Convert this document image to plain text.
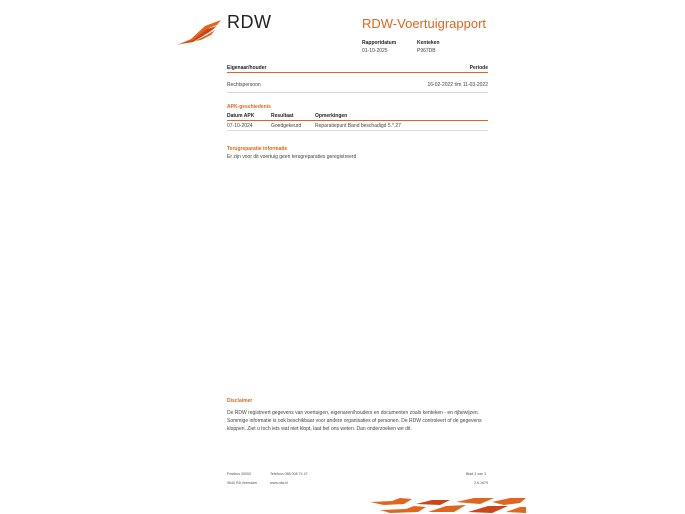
RDW	RDW-Voertuigrapport
Rapportdatum
01-10-2025
Kenteken
P967DB
Eigenaar/houder	Periode
Rechtspersoon	16-02-2022 t/m 11-03-2022
APK-geschiedenis
Datum APK	Resultaat	Opmerkingen
07-10-2024	Goedgekeurd	Reparatiepunt Band beschadigd 5.*.27
Terugreparatie informatie
Er zijn voor dit voertuig geen terugreparaties geregistreerd
Disclaimer
De RDW registreert gegevens van voertuigen, eigenaren/houders en documenten zoals kenteken - en rijbewijzen. Sommige informatie is ook beschikbaar voor andere organisaties of personen. De RDW controleert of de gegevens kloppen. Ziet u toch iets wat niet klopt, laat het ons weten. Dan onderzoeken we dit.
Postbus 30000
9640 RA Veendam
Telefoon 088 008 74 47
www.rdw.nl
Blad 3 van 3
2.6.1679
